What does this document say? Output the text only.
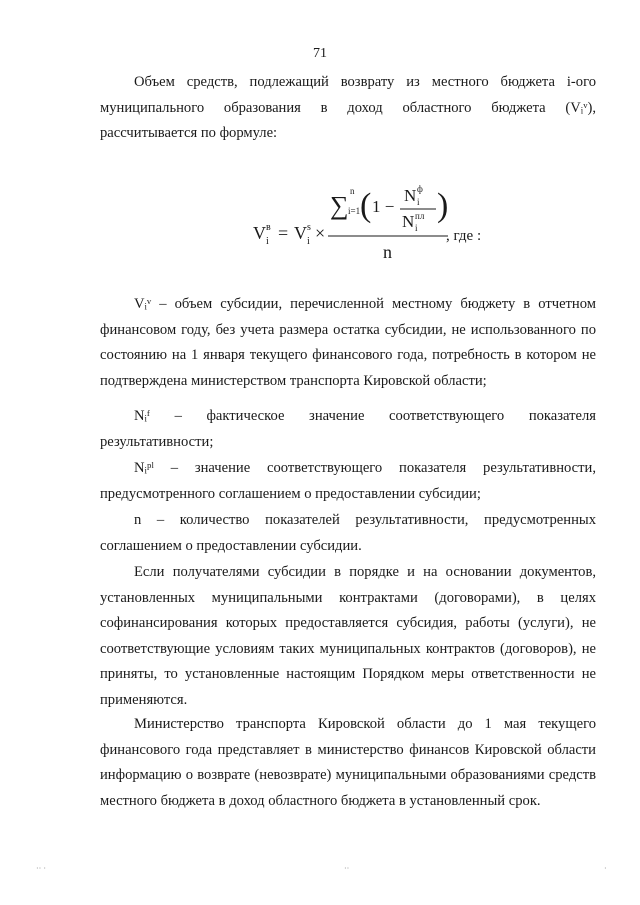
71
Объем средств, подлежащий возврату из местного бюджета i-ого муниципального образования в доход областного бюджета (Vᵢᵛ), рассчитывается по формуле:
V в
i = V s
i ×
∑ n
i=1 ( 1 −
N ф
i
N пл
i
)
n
, где :
Vᵢᵛ – объем субсидии, перечисленной местному бюджету в отчетном финансовом году, без учета размера остатка субсидии, не использованного по состоянию на 1 января текущего финансового года, потребность в котором не подтверждена министерством транспорта Кировской области;
Nᵢᶠ – фактическое значение соответствующего показателя результативности;
Nᵢᵖˡ – значение соответствующего показателя результативности, предусмотренного соглашением о предоставлении субсидии;
n – количество показателей результативности, предусмотренных соглашением о предоставлении субсидии.
Если получателями субсидии в порядке и на основании документов, установленных муниципальными контрактами (договорами), в целях софинансирования которых предоставляется субсидия, работы (услуги), не соответствующие условиям таких муниципальных контрактов (договоров), не приняты, то установленные настоящим Порядком меры ответственности не применяются.
Министерство транспорта Кировской области до 1 мая текущего финансового года представляет в министерство финансов Кировской области информацию о возврате (невозврате) муниципальными образованиями средств местного бюджета в доход областного бюджета в установленный срок.
·· ·	··	·
